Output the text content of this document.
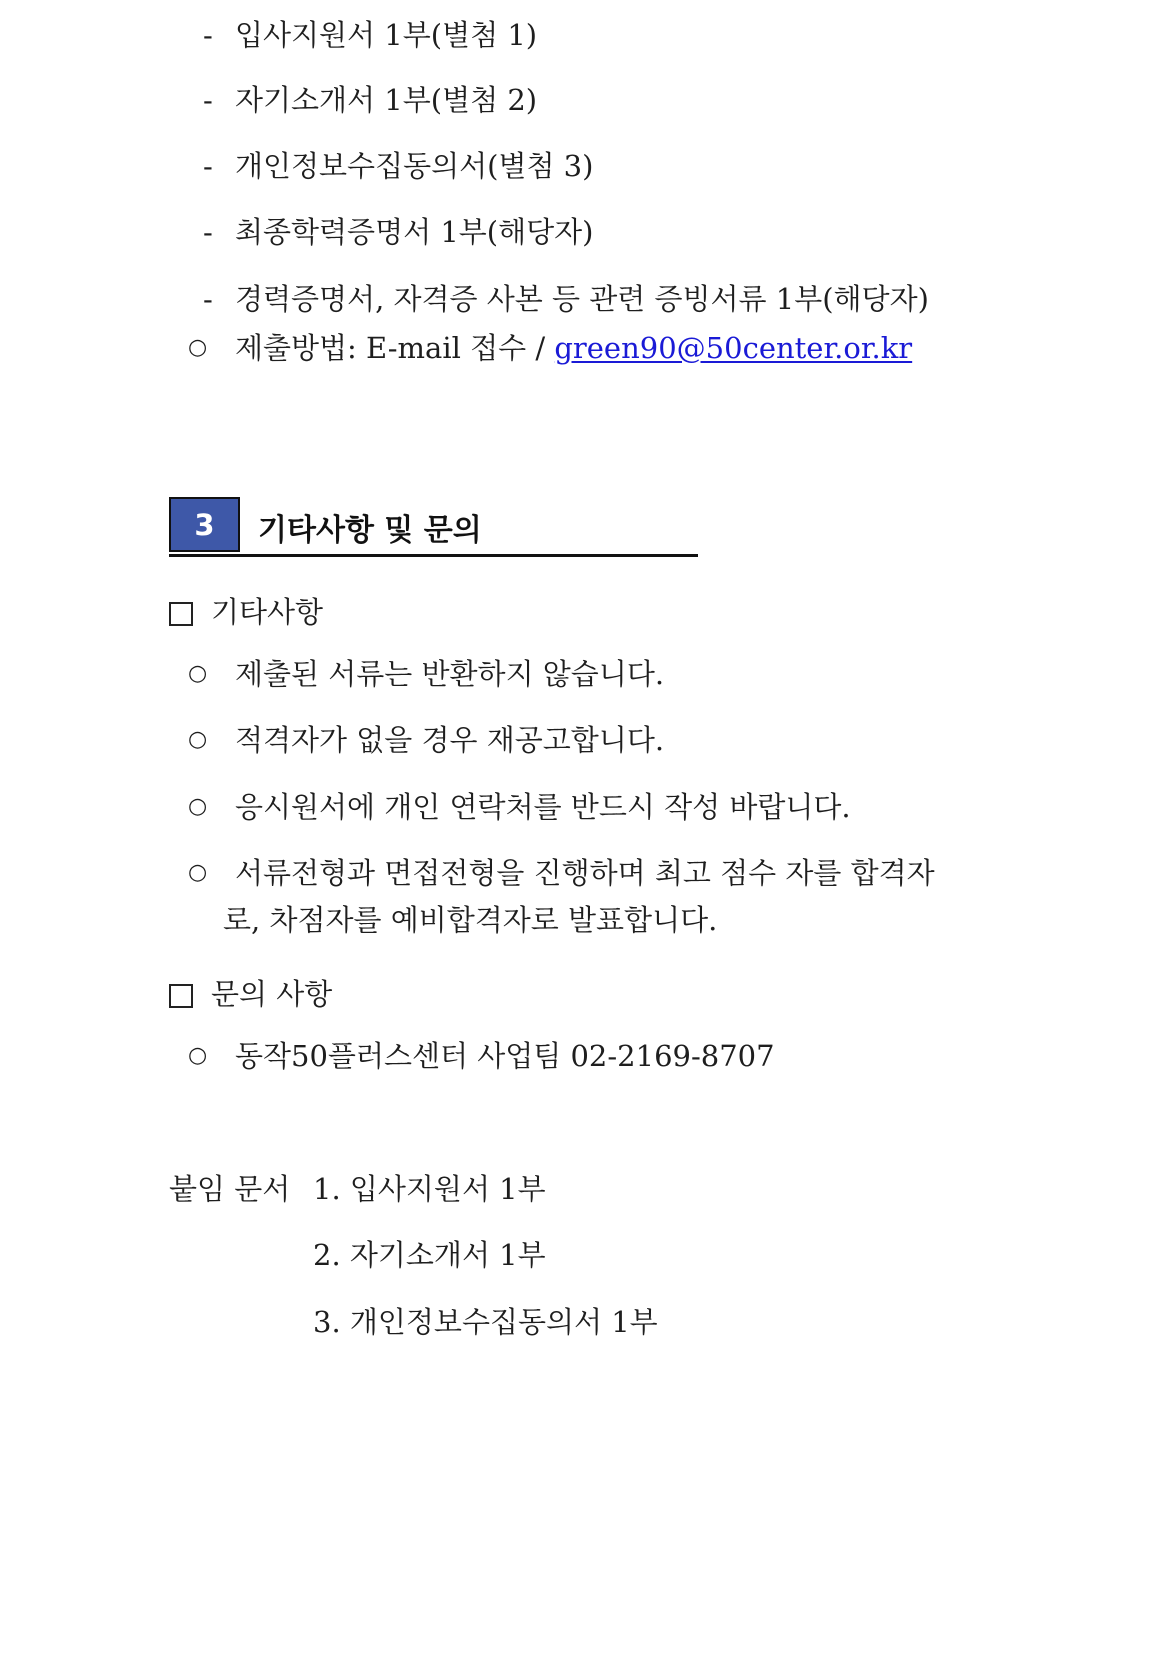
- 입사지원서 1부(별첨 1)
- 자기소개서 1부(별첨 2)
- 개인정보수집동의서(별첨 3)
- 최종학력증명서 1부(해당자)
- 경력증명서, 자격증 사본 등 관련 증빙서류 1부(해당자)
○ 제출방법: E-mail 접수 / green90@50center.or.kr
3	기타사항 및 문의
기타사항
○ 제출된 서류는 반환하지 않습니다.
○ 적격자가 없을 경우 재공고합니다.
○ 응시원서에 개인 연락처를 반드시 작성 바랍니다.
○ 서류전형과 면접전형을 진행하며 최고 점수 자를 합격자
로, 차점자를 예비합격자로 발표합니다.
문의 사항
○ 동작50플러스센터 사업팀 02-2169-8707
붙임 문서 1. 입사지원서 1부
2. 자기소개서 1부
3. 개인정보수집동의서 1부
